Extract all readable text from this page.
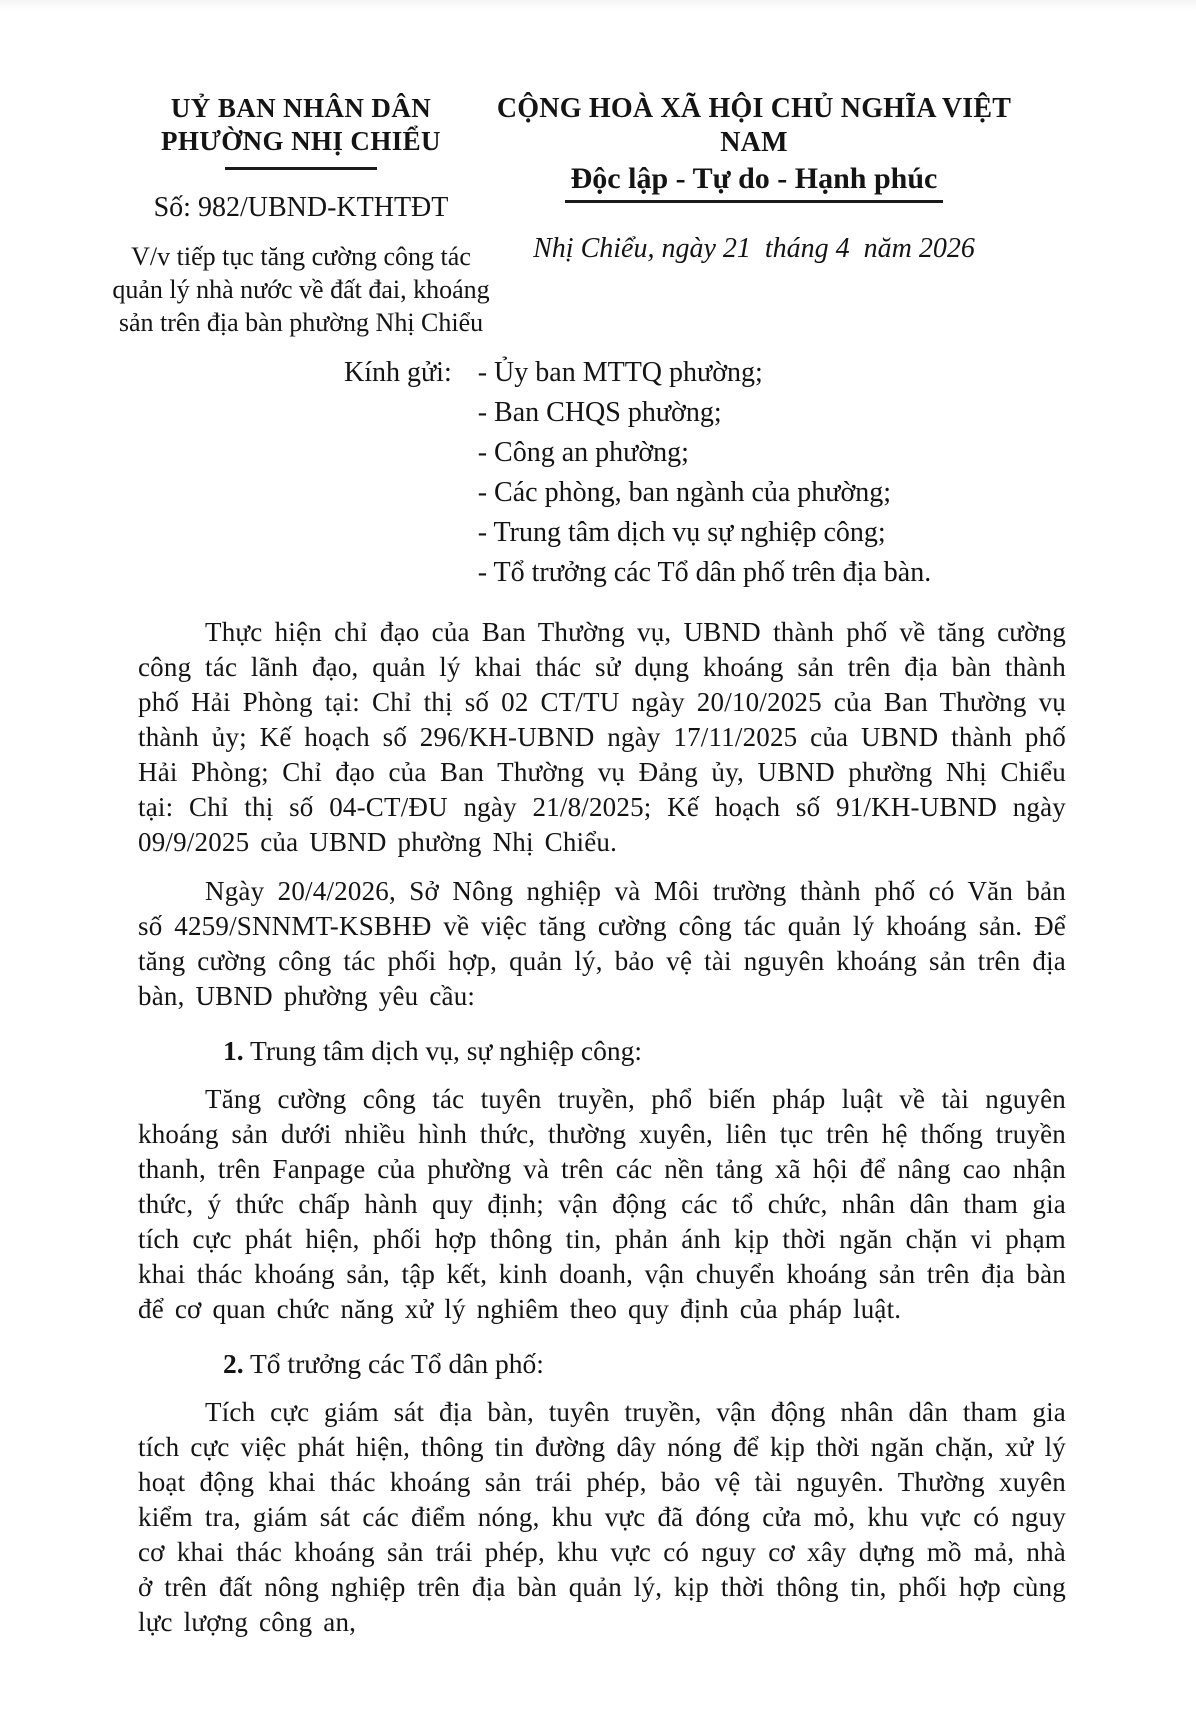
UỶ BAN NHÂN DÂN
PHƯỜNG NHỊ CHIỂU
Số: 982/UBND-KTHTĐT
V/v tiếp tục tăng cường công tác
quản lý nhà nước về đất đai, khoáng
sản trên địa bàn phường Nhị Chiểu
CỘNG HOÀ XÃ HỘI CHỦ NGHĨA VIỆT NAM
Độc lập - Tự do - Hạnh phúc
Nhị Chiểu, ngày 21  tháng 4  năm 2026
Kính gửi: - Ủy ban MTTQ phường;
- Ban CHQS phường;
- Công an phường;
- Các phòng, ban ngành của phường;
- Trung tâm dịch vụ sự nghiệp công;
- Tổ trưởng các Tổ dân phố trên địa bàn.

Thực hiện chỉ đạo của Ban Thường vụ, UBND thành phố về tăng cường công tác lãnh đạo, quản lý khai thác sử dụng khoáng sản trên địa bàn thành phố Hải Phòng tại: Chỉ thị số 02 CT/TU ngày 20/10/2025 của Ban Thường vụ thành ủy; Kế hoạch số 296/KH-UBND ngày 17/11/2025 của UBND thành phố Hải Phòng; Chỉ đạo của Ban Thường vụ Đảng ủy, UBND phường Nhị Chiểu tại: Chỉ thị số 04-CT/ĐU ngày 21/8/2025; Kế hoạch số 91/KH-UBND ngày 09/9/2025 của UBND phường Nhị Chiểu.

Ngày 20/4/2026, Sở Nông nghiệp và Môi trường thành phố có Văn bản số 4259/SNNMT-KSBHĐ về việc tăng cường công tác quản lý khoáng sản. Để tăng cường công tác phối hợp, quản lý, bảo vệ tài nguyên khoáng sản trên địa bàn, UBND phường yêu cầu:

1. Trung tâm dịch vụ, sự nghiệp công:

Tăng cường công tác tuyên truyền, phổ biến pháp luật về tài nguyên khoáng sản dưới nhiều hình thức, thường xuyên, liên tục trên hệ thống truyền thanh, trên Fanpage của phường và trên các nền tảng xã hội để nâng cao nhận thức, ý thức chấp hành quy định; vận động các tổ chức, nhân dân tham gia tích cực phát hiện, phối hợp thông tin, phản ánh kịp thời ngăn chặn vi phạm khai thác khoáng sản, tập kết, kinh doanh, vận chuyển khoáng sản trên địa bàn để cơ quan chức năng xử lý nghiêm theo quy định của pháp luật.

2. Tổ trưởng các Tổ dân phố:

Tích cực giám sát địa bàn, tuyên truyền, vận động nhân dân tham gia tích cực việc phát hiện, thông tin đường dây nóng để kịp thời ngăn chặn, xử lý hoạt động khai thác khoáng sản trái phép, bảo vệ tài nguyên. Thường xuyên kiểm tra, giám sát các điểm nóng, khu vực đã đóng cửa mỏ, khu vực có nguy cơ khai thác khoáng sản trái phép, khu vực có nguy cơ xây dựng mồ mả, nhà ở trên đất nông nghiệp trên địa bàn quản lý, kịp thời thông tin, phối hợp cùng lực lượng công an,
